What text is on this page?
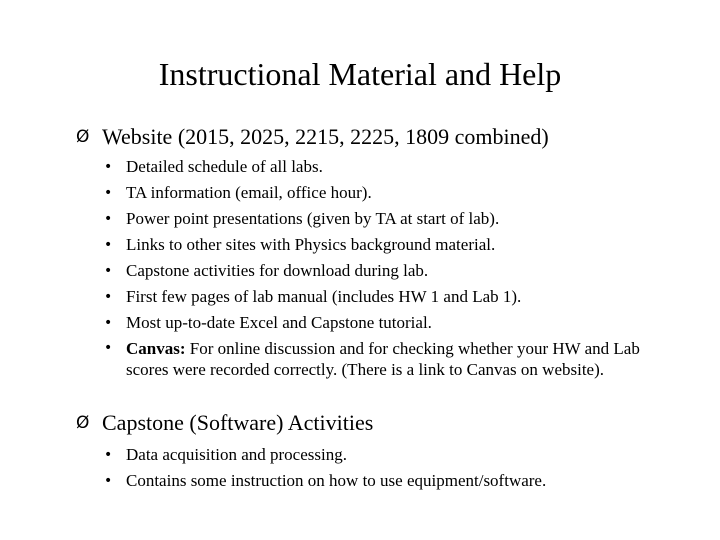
Instructional Material and Help
Ø Website (2015, 2025, 2215, 2225, 1809 combined)
• Detailed schedule of all labs.
• TA information (email, office hour).
• Power point presentations (given by TA at start of lab).
• Links to other sites with Physics background material.
• Capstone activities for download during lab.
• First few pages of lab manual (includes HW 1 and Lab 1).
• Most up-to-date Excel and Capstone tutorial.
• Canvas: For online discussion and for checking whether your HW and Lab scores were recorded correctly. (There is a link to Canvas on website).
Ø Capstone (Software) Activities
• Data acquisition and processing.
• Contains some instruction on how to use equipment/software.
